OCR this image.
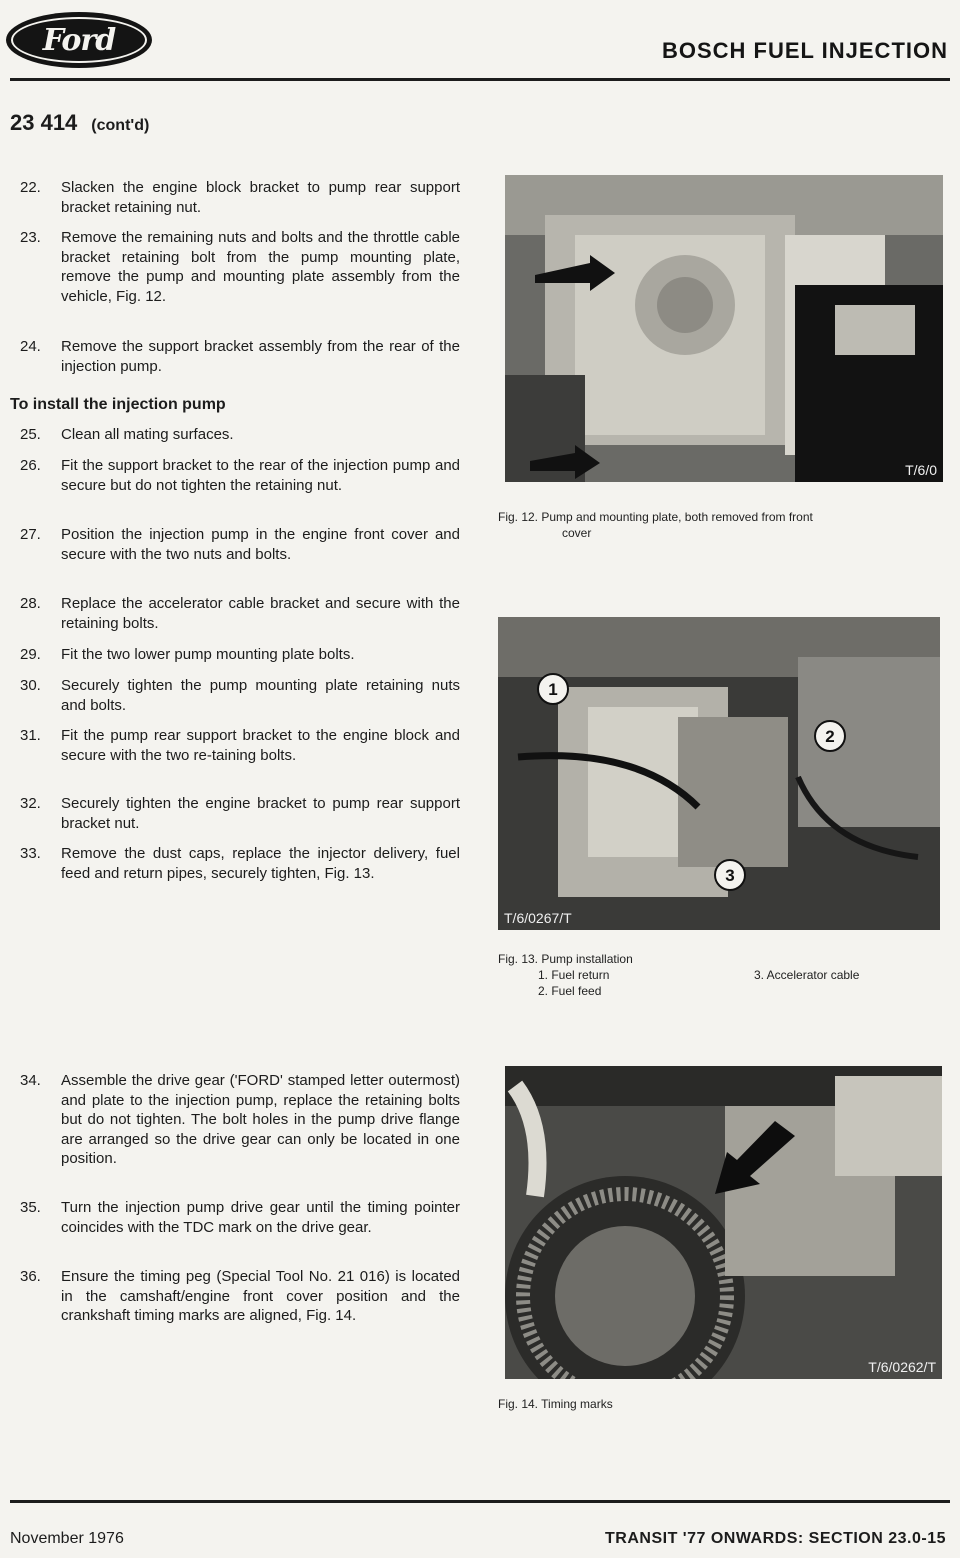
Ford	BOSCH FUEL INJECTION
23 414 (cont'd)
22.	Slacken the engine block bracket to pump rear support bracket retaining nut.
23.	Remove the remaining nuts and bolts and the throttle cable bracket retaining bolt from the pump mounting plate, remove the pump and mounting plate assembly from the vehicle, Fig. 12.
24.	Remove the support bracket assembly from the rear of the injection pump.
To install the injection pump
25.	Clean all mating surfaces.
26.	Fit the support bracket to the rear of the injection pump and secure but do not tighten the retaining nut.
27.	Position the injection pump in the engine front cover and secure with the two nuts and bolts.
28.	Replace the accelerator cable bracket and secure with the retaining bolts.
29.	Fit the two lower pump mounting plate bolts.
30.	Securely tighten the pump mounting plate retaining nuts and bolts.
31.	Fit the pump rear support bracket to the engine block and secure with the two re-taining bolts.
32.	Securely tighten the engine bracket to pump rear support bracket nut.
33.	Remove the dust caps, replace the injector delivery, fuel feed and return pipes, securely tighten, Fig. 13.
34.	Assemble the drive gear ('FORD' stamped letter outermost) and plate to the injection pump, replace the retaining bolts but do not tighten. The bolt holes in the pump drive flange are arranged so the drive gear can only be located in one position.
35.	Turn the injection pump drive gear until the timing pointer coincides with the TDC mark on the drive gear.
36.	Ensure the timing peg (Special Tool No. 21 016) is located in the camshaft/engine front cover position and the crankshaft timing marks are aligned, Fig. 14.
T/6/0
Fig. 12. Pump and mounting plate, both removed from front
cover
1
2
3
T/6/0267/T
Fig. 13. Pump installation
1. Fuel return
2. Fuel feed
3. Accelerator cable
T/6/0262/T
Fig. 14. Timing marks
November 1976	TRANSIT '77 ONWARDS: SECTION 23.0-15
